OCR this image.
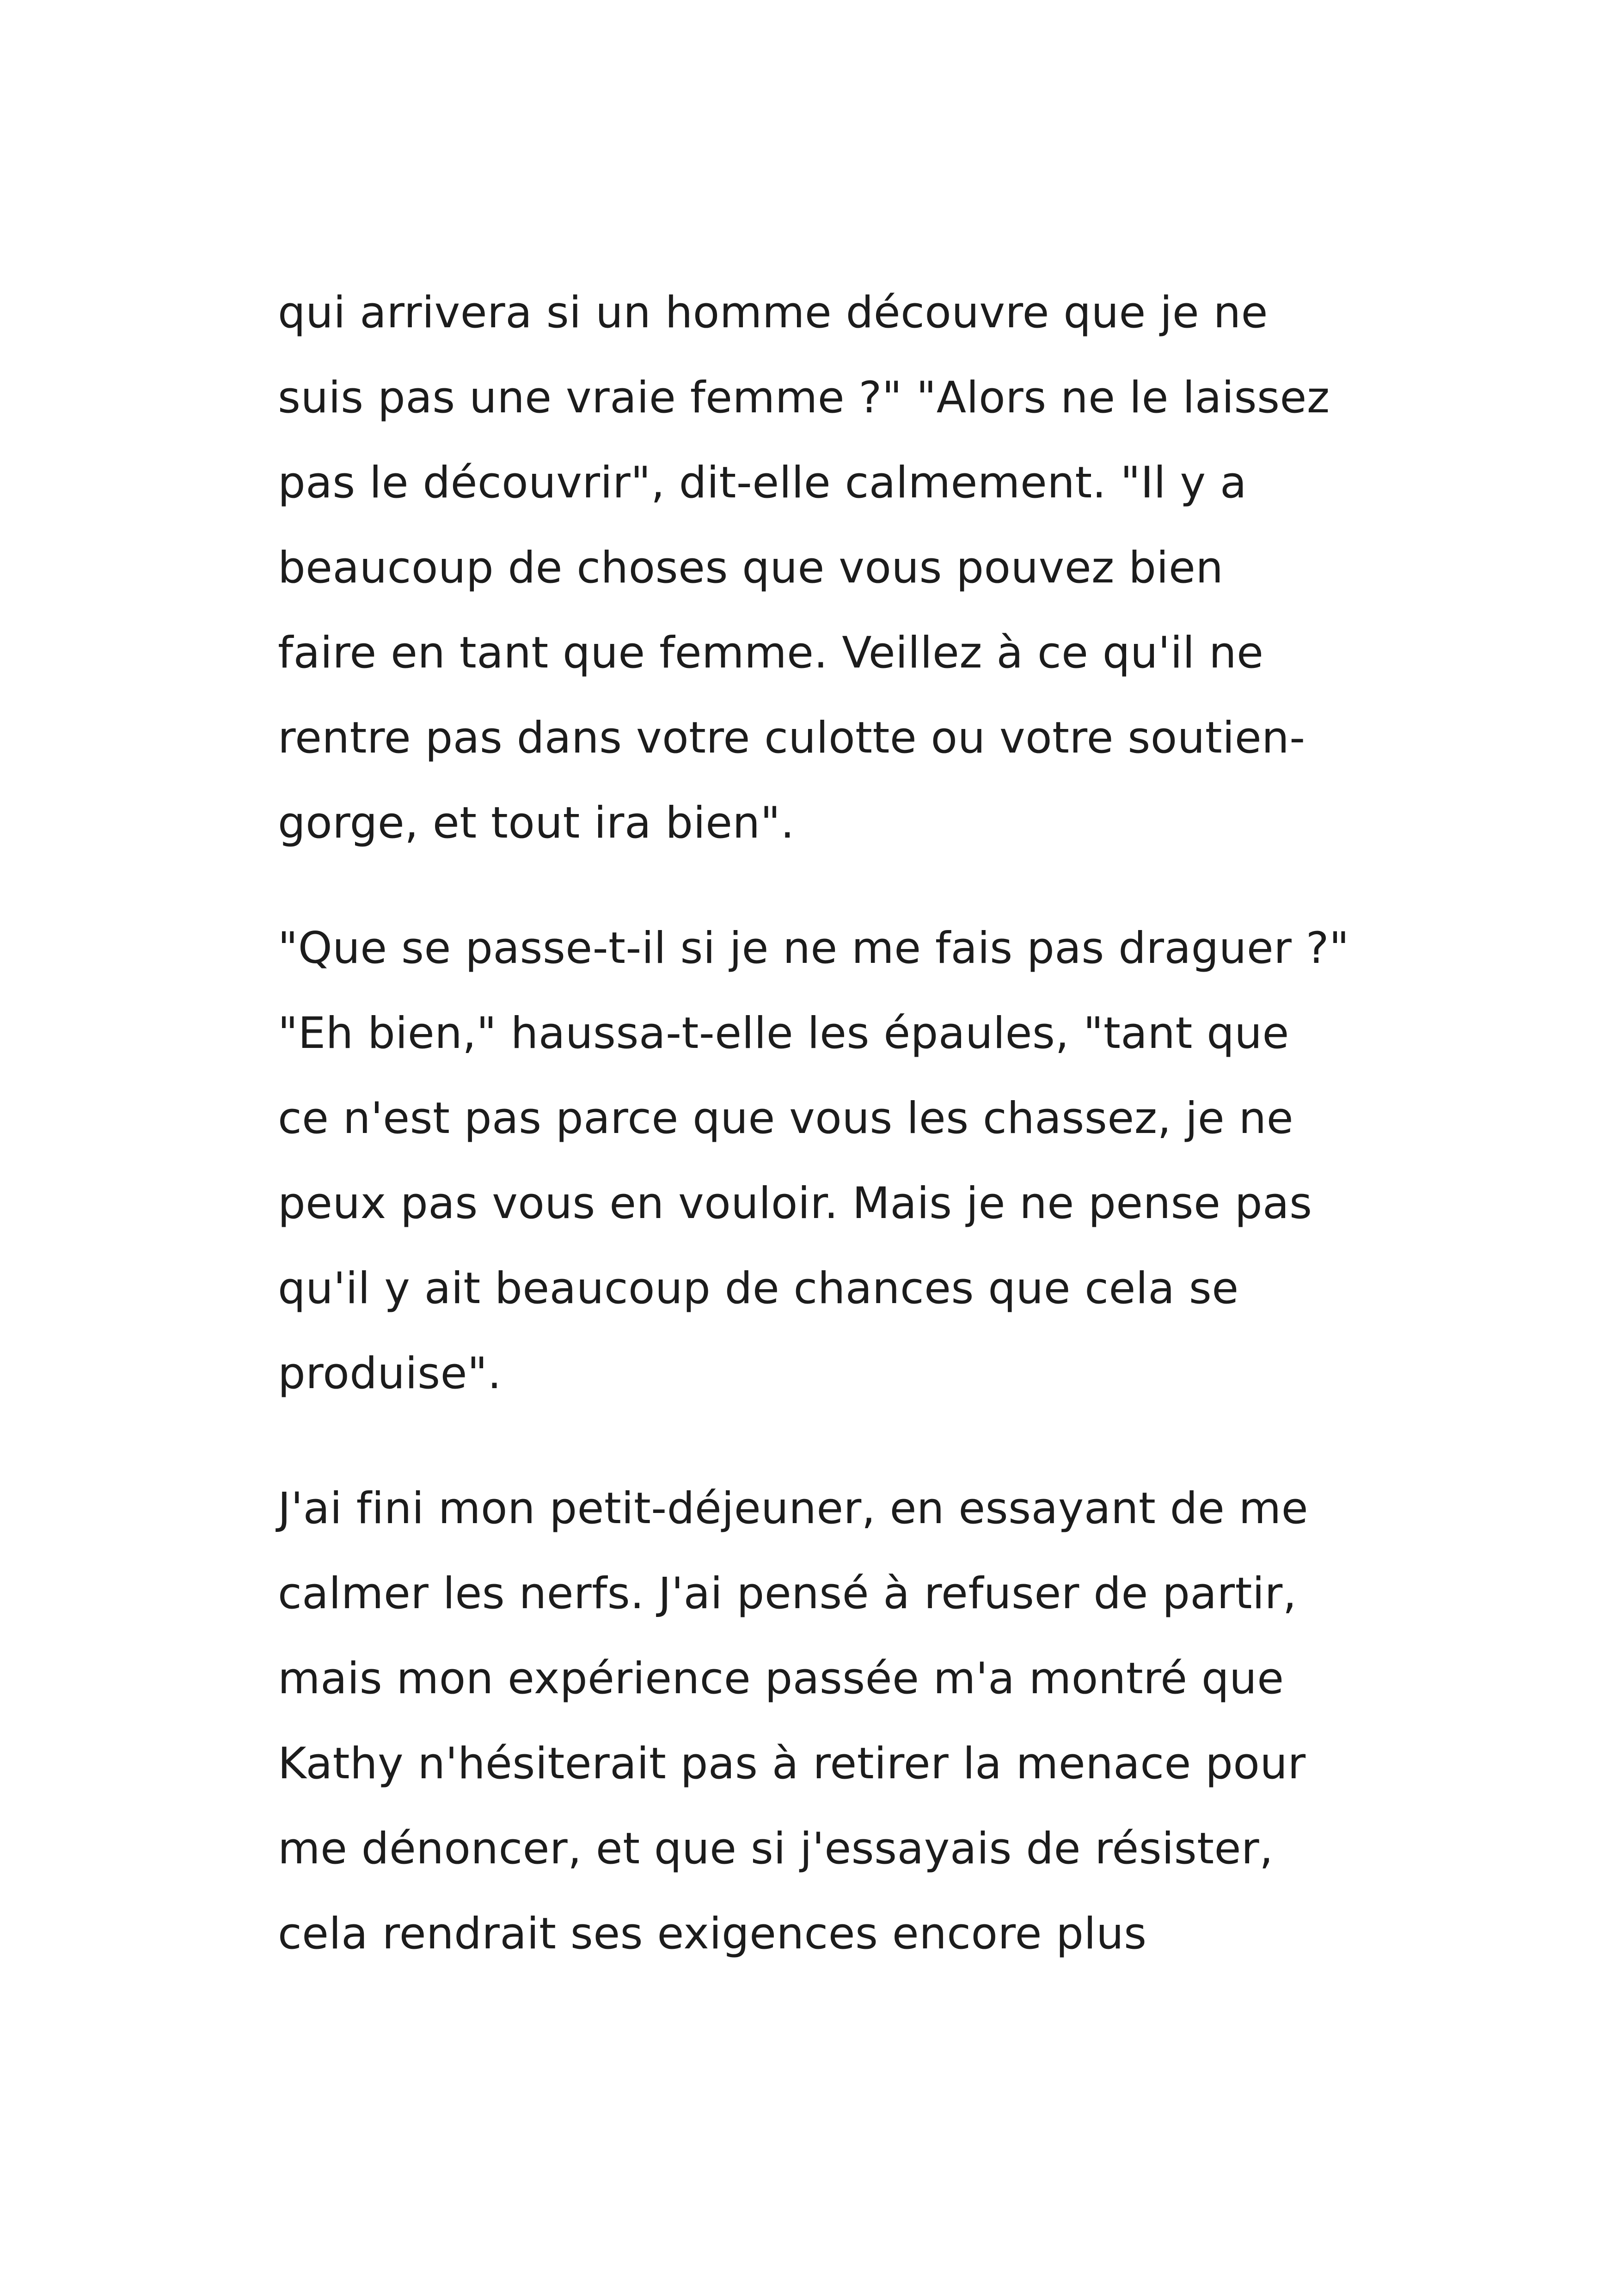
qui arrivera si un homme découvre que je ne
suis pas une vraie femme ?" "Alors ne le laissez
pas le découvrir", dit-elle calmement. "Il y a
beaucoup de choses que vous pouvez bien
faire en tant que femme. Veillez à ce qu'il ne
rentre pas dans votre culotte ou votre soutien-
gorge, et tout ira bien".
"Que se passe-t-il si je ne me fais pas draguer ?"
"Eh bien," haussa-t-elle les épaules, "tant que
ce n'est pas parce que vous les chassez, je ne
peux pas vous en vouloir. Mais je ne pense pas
qu'il y ait beaucoup de chances que cela se
produise".
J'ai fini mon petit-déjeuner, en essayant de me
calmer les nerfs. J'ai pensé à refuser de partir,
mais mon expérience passée m'a montré que
Kathy n'hésiterait pas à retirer la menace pour
me dénoncer, et que si j'essayais de résister,
cela rendrait ses exigences encore plus
